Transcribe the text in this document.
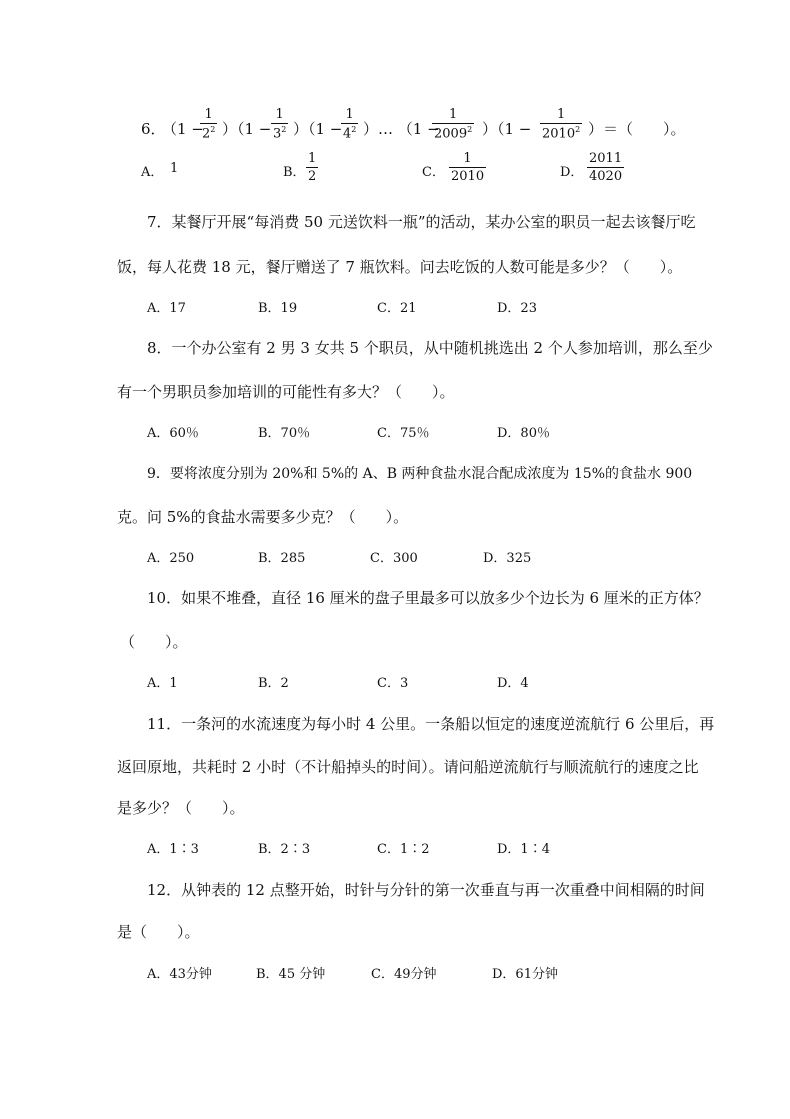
6．
（1 −
$\frac{1}{2^2} )(1 - \frac{1}{3^2} )(1$ −
$\frac{1}{4^2}$ ）… （1 −
$\frac{1}{2009^2} )(1 - \frac{1}{2010^2}$ ）＝（　　）。
A． 1	B． $\frac{1}{2}$	C． $\frac{1}{2010}$	D． $\frac{2011}{4020}$
7．某餐厅开展“每消费 50 元送饮料一瓶”的活动，某办公室的职员一起去该餐厅吃
饭，每人花费 18 元，餐厅赠送了 7 瓶饮料。问去吃饭的人数可能是多少？（　　）。
A．17	B．19	C．21	D．23
8．一个办公室有 2 男 3 女共 5 个职员，从中随机挑选出 2 个人参加培训，那么至少
有一个男职员参加培训的可能性有多大？（　　）。
A．60％	B．70％	C．75％	D．80％
9．要将浓度分别为 20%和 5%的 A、B 两种食盐水混合配成浓度为 15%的食盐水 900
克。问 5%的食盐水需要多少克？（　　）。
A．250	B．285	C．300	D．325
10．如果不堆叠，直径 16 厘米的盘子里最多可以放多少个边长为 6 厘米的正方体？
（　　）。
A．1	B．2	C．3	D．4
11．一条河的水流速度为每小时 4 公里。一条船以恒定的速度逆流航行 6 公里后，再
返回原地，共耗时 2 小时（不计船掉头的时间）。请问船逆流航行与顺流航行的速度之比
是多少？（　　）。
A．1∶3	B．2∶3	C．1∶2	D．1∶4
12．从钟表的 12 点整开始，时针与分针的第一次垂直与再一次重叠中间相隔的时间
是（　　）。
A．43分钟	B．45 分钟	C．49分钟	D．61分钟
